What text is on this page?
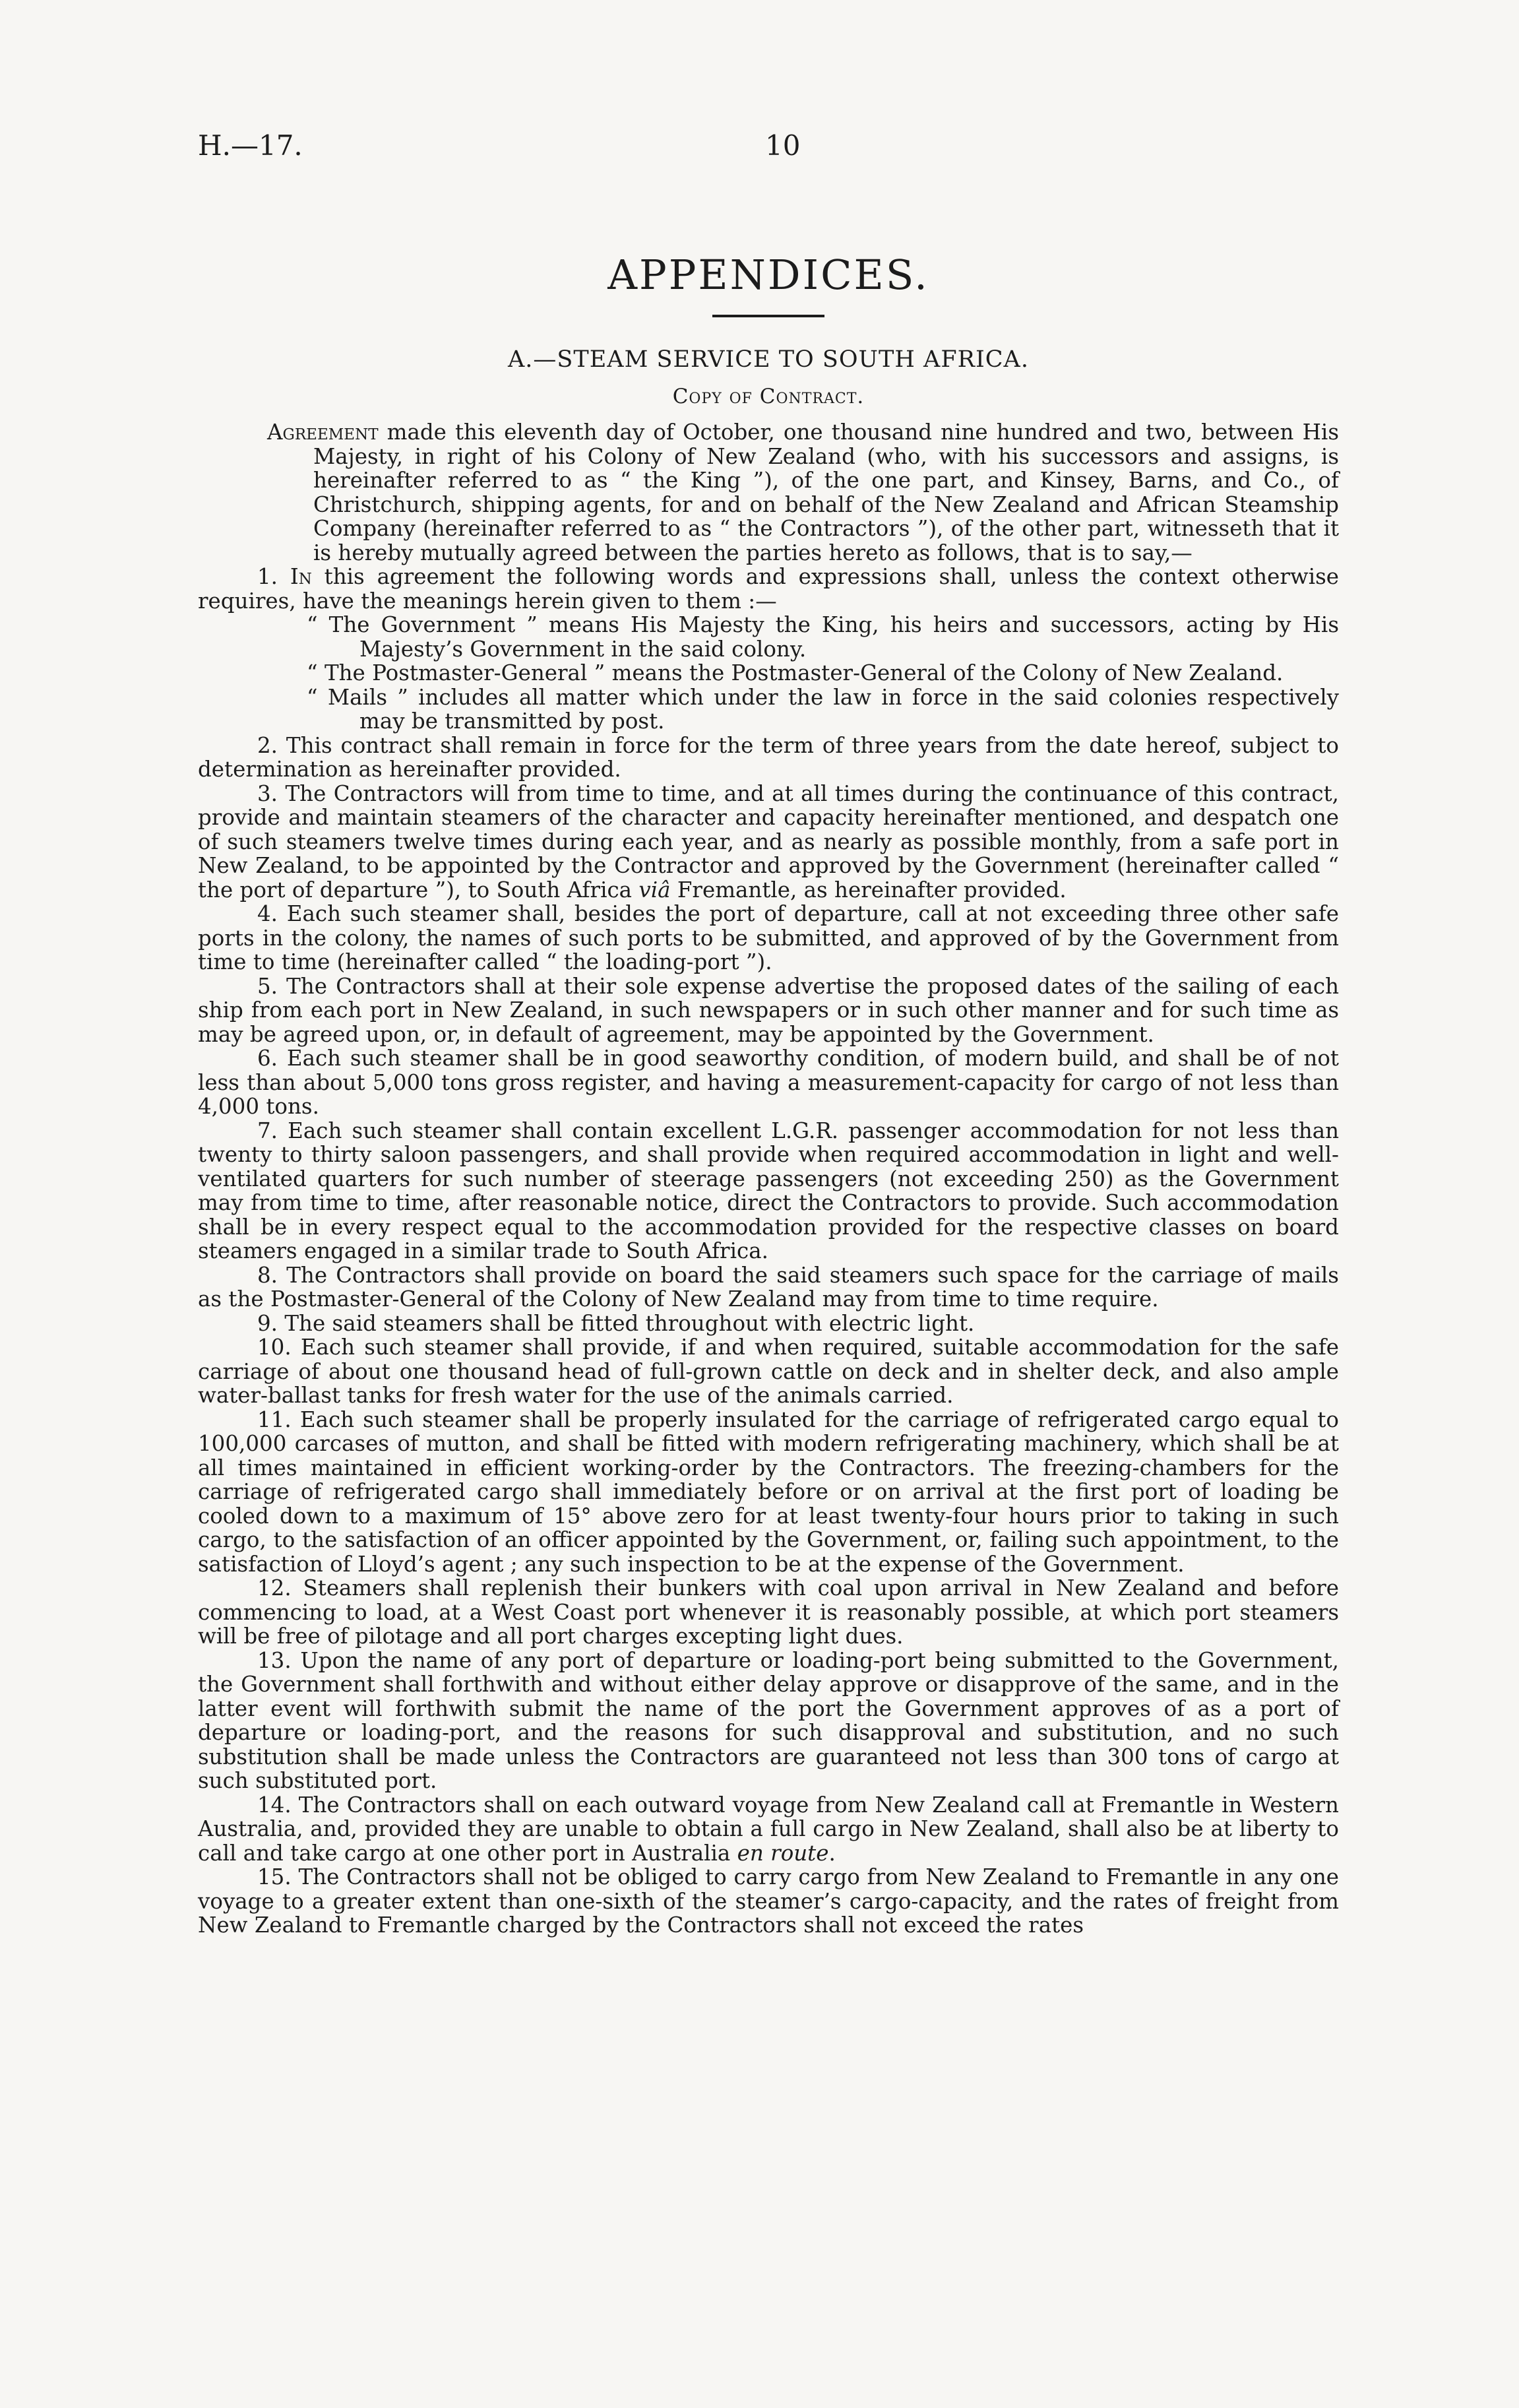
H.—17.	10
APPENDICES.
A.—STEAM SERVICE TO SOUTH AFRICA.
Copy of Contract.

Agreement made this eleventh day of October, one thousand nine hundred and two, between His Majesty, in right of his Colony of New Zealand (who, with his successors and assigns, is hereinafter referred to as “ the King ”), of the one part, and Kinsey, Barns, and Co., of Christchurch, shipping agents, for and on behalf of the New Zealand and African Steamship Company (hereinafter referred to as “ the Contractors ”), of the other part, witnesseth that it is hereby mutually agreed between the parties hereto as follows, that is to say,—

1. In this agreement the following words and expressions shall, unless the context otherwise requires, have the meanings herein given to them :—

“ The Government ” means His Majesty the King, his heirs and successors, acting by His Majesty’s Government in the said colony.

“ The Postmaster-General ” means the Postmaster-General of the Colony of New Zealand.

“ Mails ” includes all matter which under the law in force in the said colonies respectively may be transmitted by post.

2. This contract shall remain in force for the term of three years from the date hereof, subject to determination as hereinafter provided.

3. The Contractors will from time to time, and at all times during the continuance of this contract, provide and maintain steamers of the character and capacity hereinafter mentioned, and despatch one of such steamers twelve times during each year, and as nearly as possible monthly, from a safe port in New Zealand, to be appointed by the Contractor and approved by the Government (hereinafter called “ the port of departure ”), to South Africa viâ Fremantle, as hereinafter provided.

4. Each such steamer shall, besides the port of departure, call at not exceeding three other safe ports in the colony, the names of such ports to be submitted, and approved of by the Government from time to time (hereinafter called “ the loading-port ”).

5. The Contractors shall at their sole expense advertise the proposed dates of the sailing of each ship from each port in New Zealand, in such newspapers or in such other manner and for such time as may be agreed upon, or, in default of agreement, may be appointed by the Government.

6. Each such steamer shall be in good seaworthy condition, of modern build, and shall be of not less than about 5,000 tons gross register, and having a measurement-capacity for cargo of not less than 4,000 tons.

7. Each such steamer shall contain excellent L.G.R. passenger accommodation for not less than twenty to thirty saloon passengers, and shall provide when required accommodation in light and well-ventilated quarters for such number of steerage passengers (not exceeding 250) as the Government may from time to time, after reasonable notice, direct the Contractors to provide. Such accommodation shall be in every respect equal to the accommodation provided for the respective classes on board steamers engaged in a similar trade to South Africa.

8. The Contractors shall provide on board the said steamers such space for the carriage of mails as the Postmaster-General of the Colony of New Zealand may from time to time require.

9. The said steamers shall be fitted throughout with electric light.

10. Each such steamer shall provide, if and when required, suitable accommodation for the safe carriage of about one thousand head of full-grown cattle on deck and in shelter deck, and also ample water-ballast tanks for fresh water for the use of the animals carried.

11. Each such steamer shall be properly insulated for the carriage of refrigerated cargo equal to 100,000 carcases of mutton, and shall be fitted with modern refrigerating machinery, which shall be at all times maintained in efficient working-order by the Contractors. The freezing-chambers for the carriage of refrigerated cargo shall immediately before or on arrival at the first port of loading be cooled down to a maximum of 15° above zero for at least twenty-four hours prior to taking in such cargo, to the satisfaction of an officer appointed by the Government, or, failing such appointment, to the satisfaction of Lloyd’s agent ; any such inspection to be at the expense of the Government.

12. Steamers shall replenish their bunkers with coal upon arrival in New Zealand and before commencing to load, at a West Coast port whenever it is reasonably possible, at which port steamers will be free of pilotage and all port charges excepting light dues.

13. Upon the name of any port of departure or loading-port being submitted to the Government, the Government shall forthwith and without either delay approve or disapprove of the same, and in the latter event will forthwith submit the name of the port the Government approves of as a port of departure or loading-port, and the reasons for such disapproval and substitution, and no such substitution shall be made unless the Contractors are guaranteed not less than 300 tons of cargo at such substituted port.

14. The Contractors shall on each outward voyage from New Zealand call at Fremantle in Western Australia, and, provided they are unable to obtain a full cargo in New Zealand, shall also be at liberty to call and take cargo at one other port in Australia en route.

15. The Contractors shall not be obliged to carry cargo from New Zealand to Fremantle in any one voyage to a greater extent than one-sixth of the steamer’s cargo-capacity, and the rates of freight from New Zealand to Fremantle charged by the Contractors shall not exceed the rates
